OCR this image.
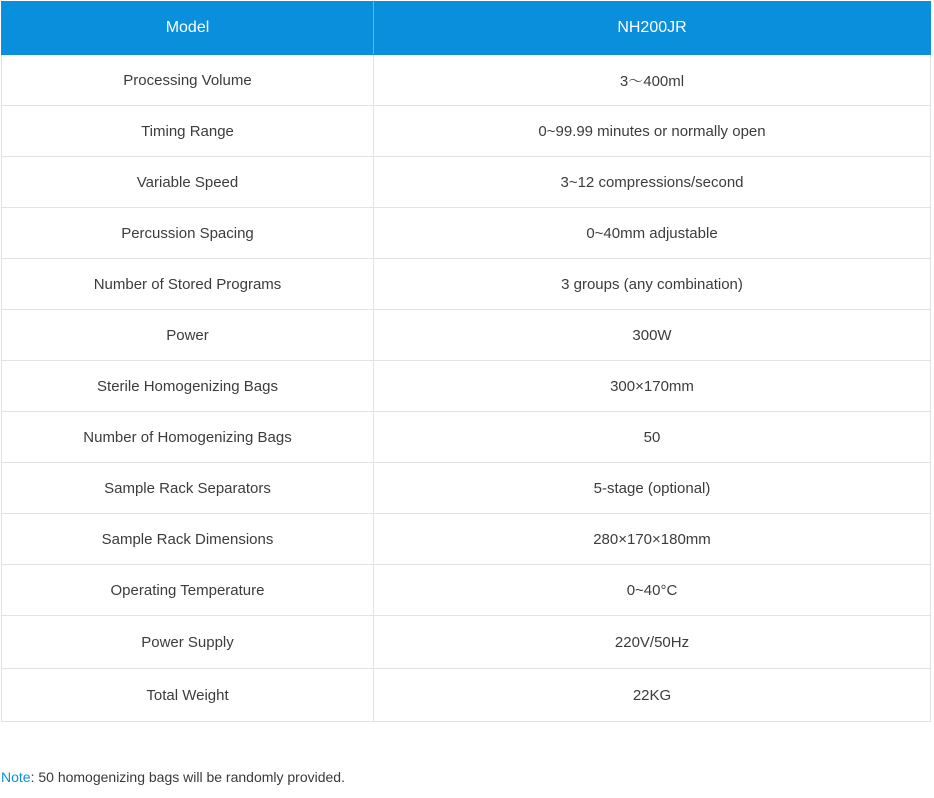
Model	NH200JR
Processing Volume	3～400ml
Timing Range	0~99.99 minutes or normally open
Variable Speed	3~12 compressions/second
Percussion Spacing	0~40mm adjustable
Number of Stored Programs	3 groups (any combination)
Power	300W
Sterile Homogenizing Bags	300×170mm
Number of Homogenizing Bags	50
Sample Rack Separators	5-stage (optional)
Sample Rack Dimensions	280×170×180mm
Operating Temperature	0~40°C
Power Supply	220V/50Hz
Total Weight	22KG
Note: 50 homogenizing bags will be randomly provided.
